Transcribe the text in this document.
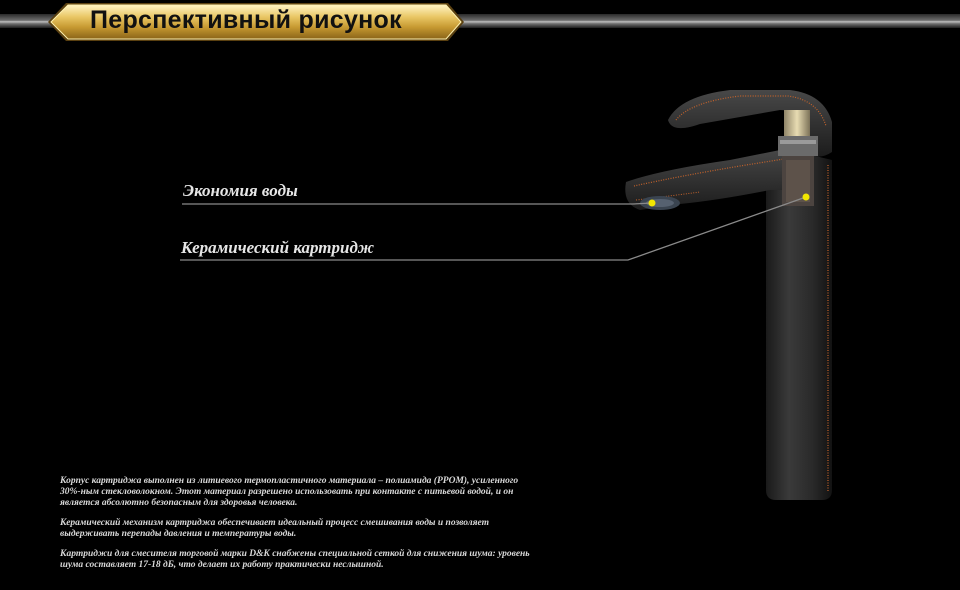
Перспективный рисунок
Экономия воды
Керамический картридж
Корпус картриджа выполнен из литиевого термопластичного материала – полиамида (PPOM), усиленного 30%-ным стекловолокном. Этот материал разрешено использовать при контакте с питьевой водой, и он является абсолютно безопасным для здоровья человека.
Керамический механизм картриджа обеспечивает идеальный процесс смешивания воды и позволяет выдерживать перепады давления и температуры воды.
Картриджи для смесителя торговой марки D&K снабжены специальной сеткой для снижения шума: уровень шума составляет 17-18 дБ, что делает их работу практически неслышной.
